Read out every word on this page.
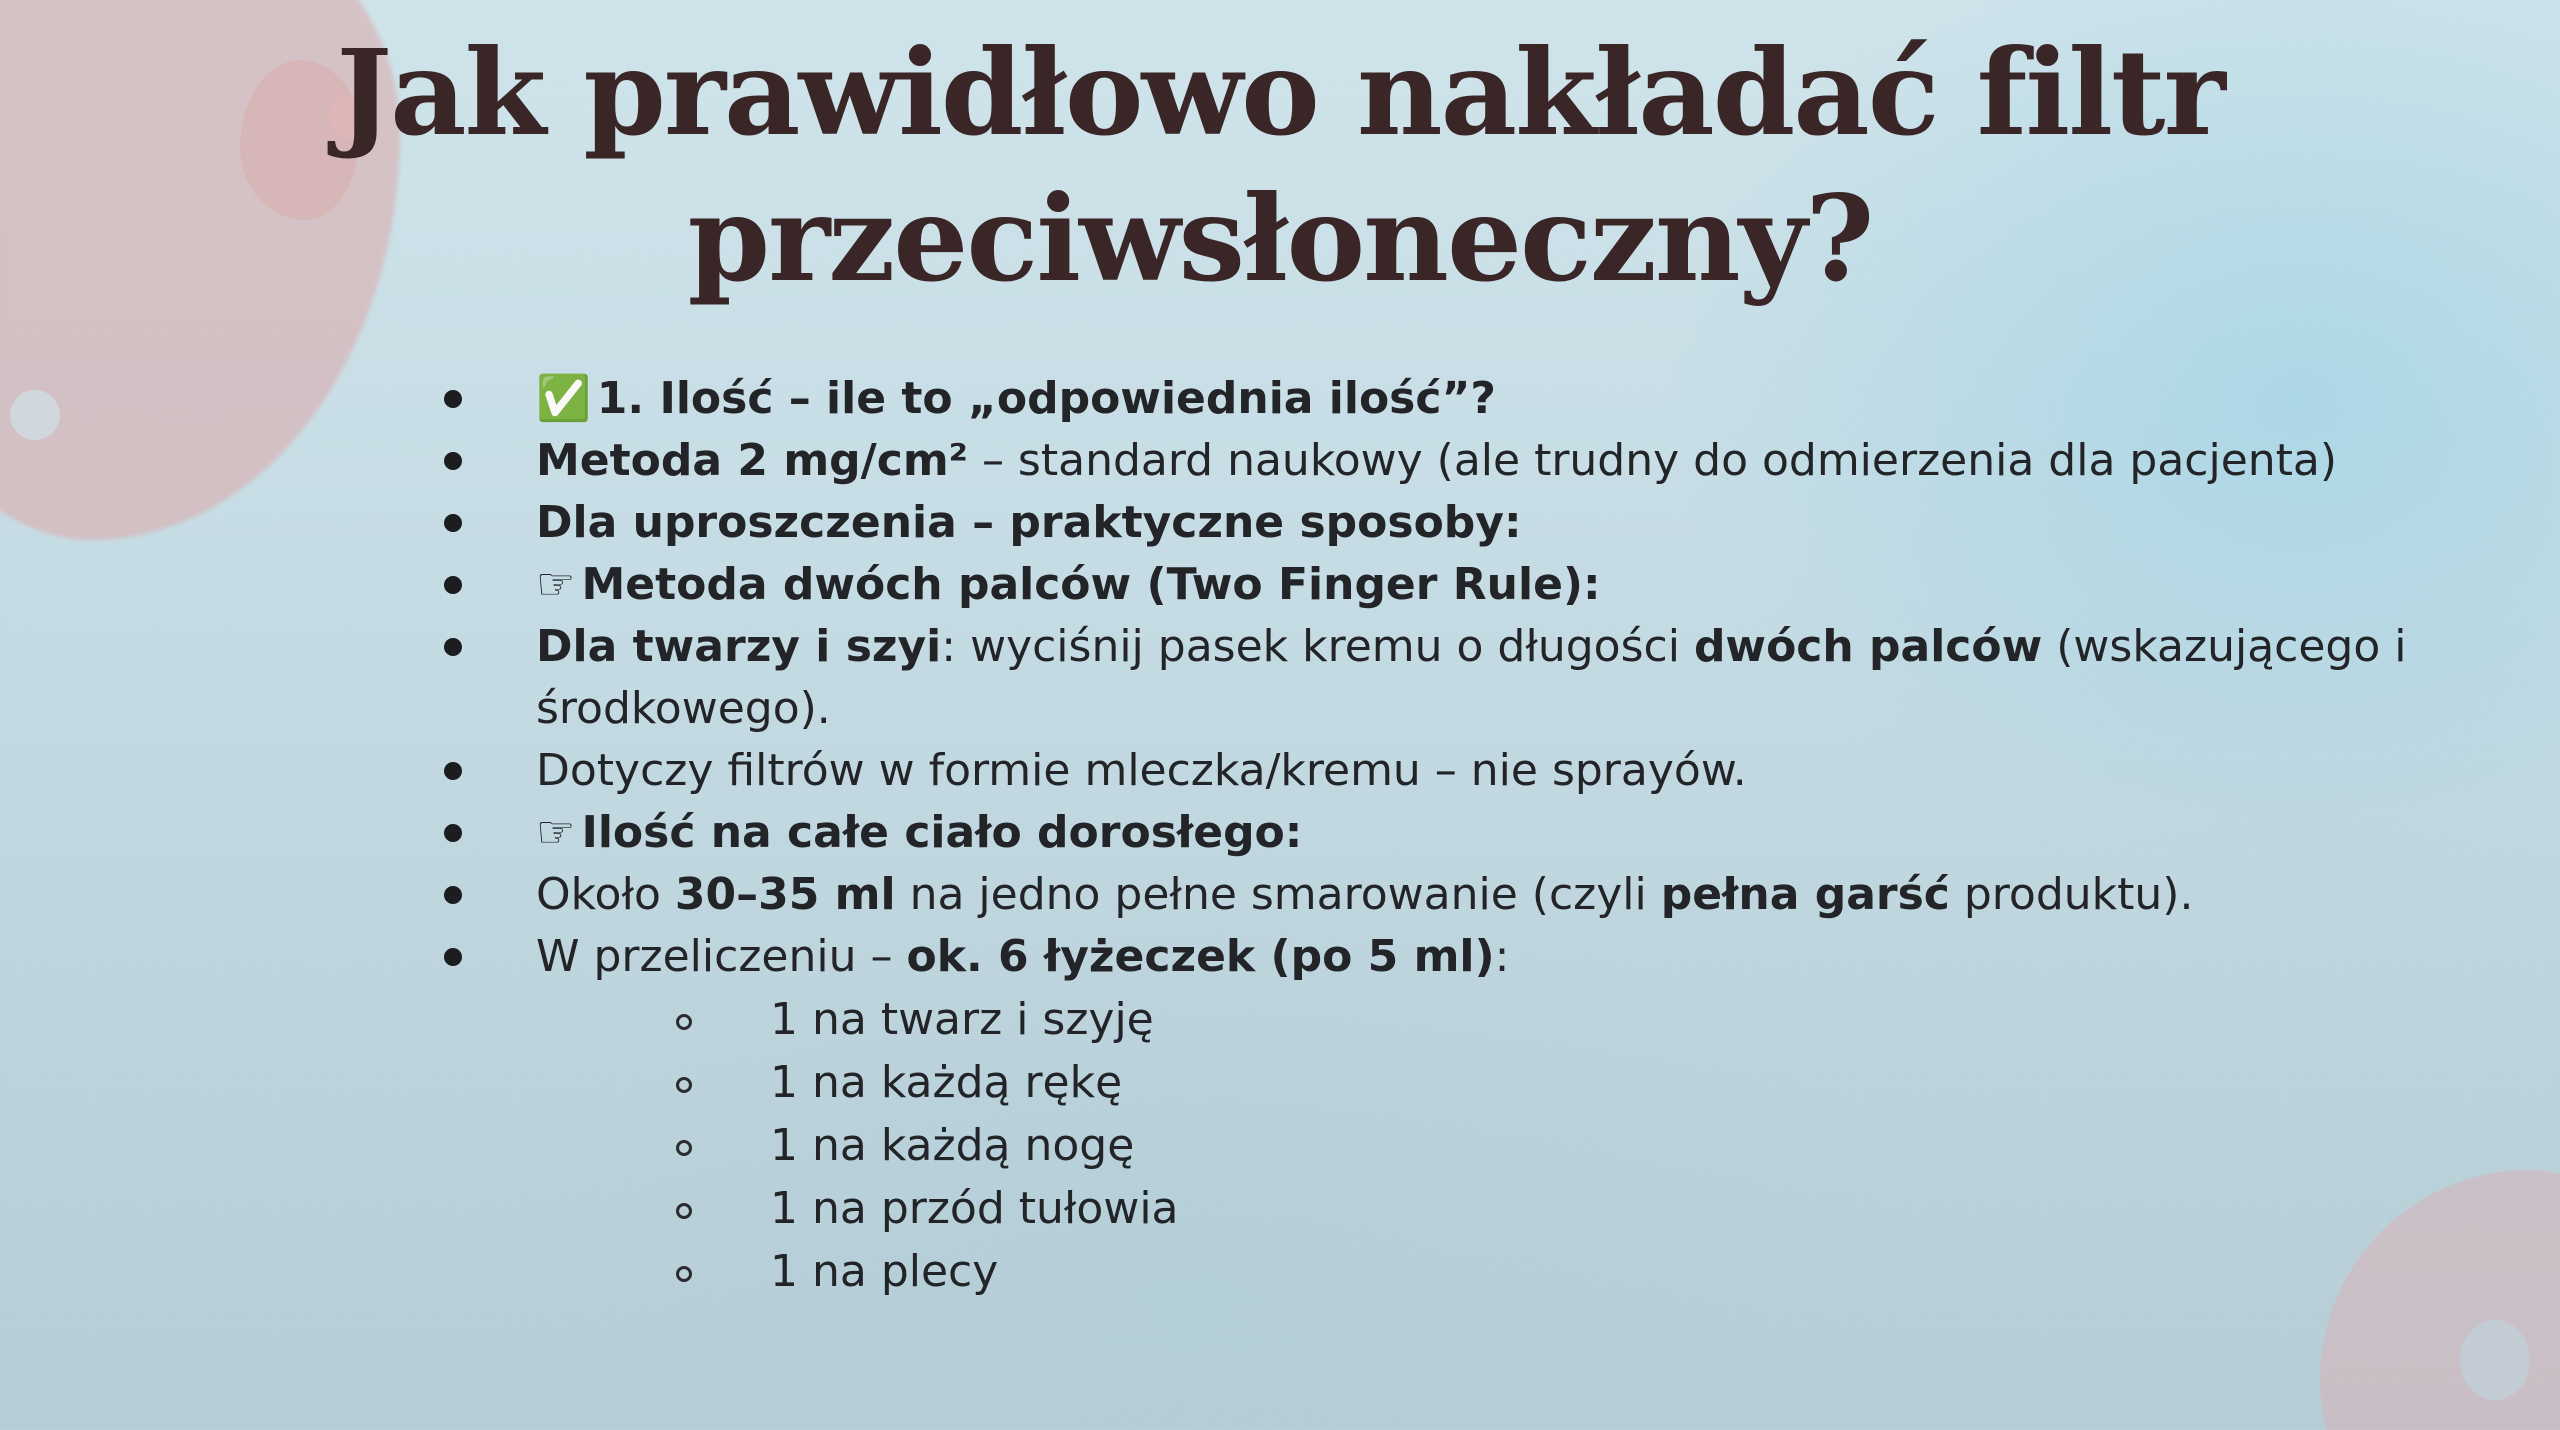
Jak prawidłowo nakładać filtr
przeciwsłoneczny?
✅ 1. Ilość – ile to „odpowiednia ilość”?
Metoda 2 mg/cm² – standard naukowy (ale trudny do odmierzenia dla pacjenta)
Dla uproszczenia – praktyczne sposoby:
☞ Metoda dwóch palców (Two Finger Rule):
Dla twarzy i szyi: wyciśnij pasek kremu o długości dwóch palców (wskazującego i środkowego).
Dotyczy filtrów w formie mleczka/kremu – nie sprayów.
☞ Ilość na całe ciało dorosłego:
Około 30–35 ml na jedno pełne smarowanie (czyli pełna garść produktu).
W przeliczeniu – ok. 6 łyżeczek (po 5 ml):
1 na twarz i szyję
1 na każdą rękę
1 na każdą nogę
1 na przód tułowia
1 na plecy
